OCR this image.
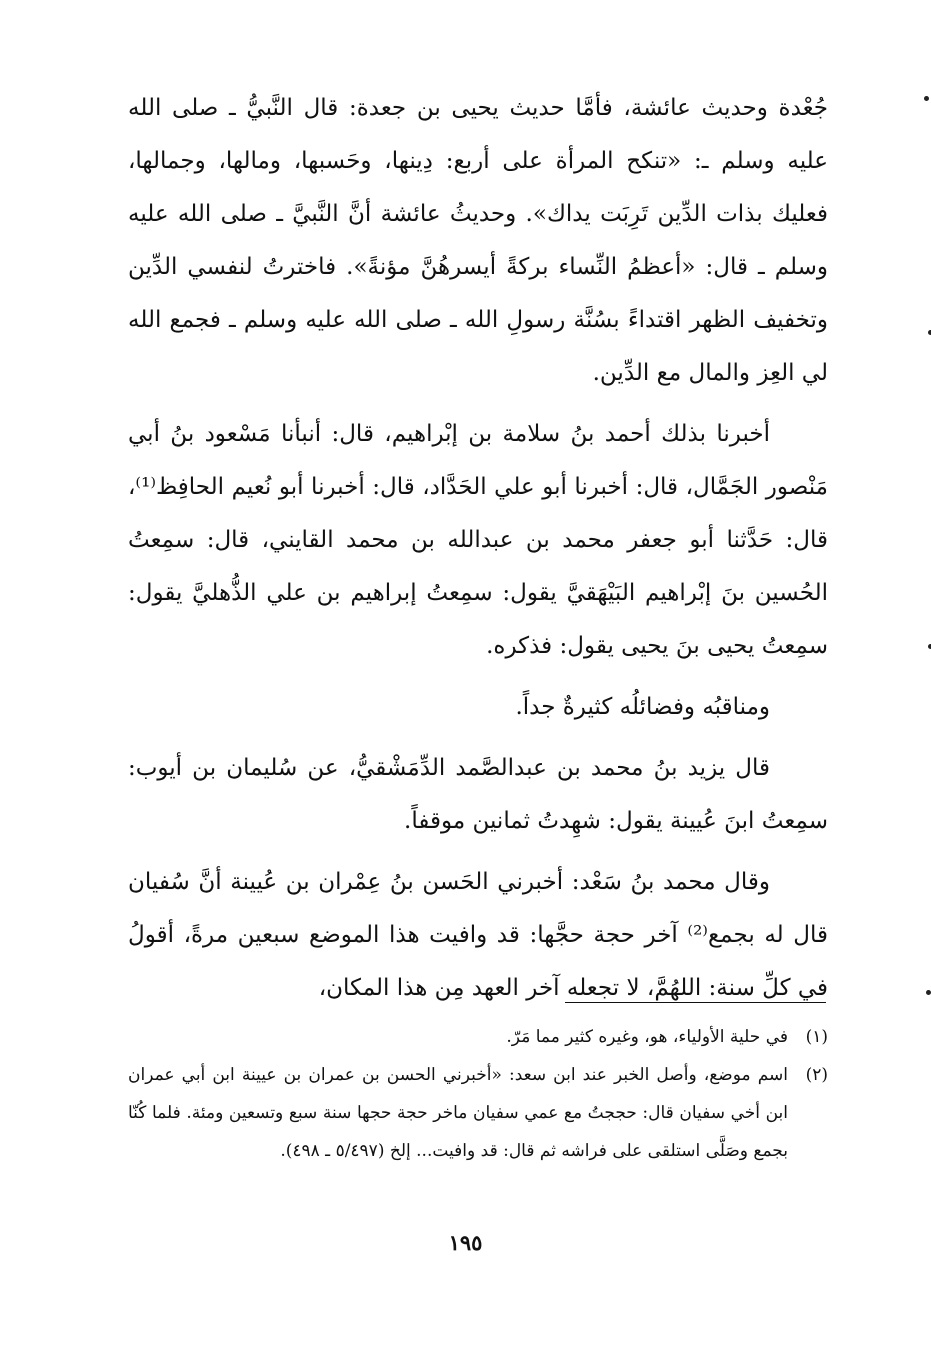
جُعْدة وحديث عائشة، فأمَّا حديث يحيى بن جعدة: قال النَّبيُّ ـ صلى الله عليه وسلم ـ: «تنكح المرأة على أربع: دِينها، وحَسبها، ومالها، وجمالها، فعليك بذات الدِّين تَرِبَت يداك». وحديثُ عائشة أنَّ النَّبيَّ ـ صلى الله عليه وسلم ـ قال: «أعظمُ النِّساء بركةً أيسرهُنَّ مؤنةً». فاخترتُ لنفسي الدِّين وتخفيف الظهر اقتداءً بسُنَّة رسولِ الله ـ صلى الله عليه وسلم ـ فجمع الله لي العِز والمال مع الدِّين.

أخبرنا بذلك أحمد بنُ سلامة بن إبْراهيم، قال: أنبأنا مَسْعود بنُ أبي مَنْصور الجَمَّال، قال: أخبرنا أبو علي الحَدَّاد، قال: أخبرنا أبو نُعيم الحافِظ⁽¹⁾، قال: حَدَّثنا أبو جعفر محمد بن عبدالله بن محمد القايني، قال: سمِعتُ الحُسين بنَ إبْراهيم البَيْهَقيَّ يقول: سمِعتُ إبراهيم بن علي الذُّهليَّ يقول: سمِعتُ يحيى بنَ يحيى يقول: فذكره.

ومناقبُه وفضائلُه كثيرةٌ جداً.

قال يزيد بنُ محمد بن عبدالصَّمد الدِّمَشْقيُّ، عن سُليمان بن أيوب: سمِعتُ ابنَ عُيينة يقول: شهِدتُ ثمانين موقفاً.

وقال محمد بنُ سَعْد: أخبرني الحَسن بنُ عِمْران بن عُيينة أنَّ سُفيان قال له بجمع⁽²⁾ آخر حجة حجَّها: قد وافيت هذا الموضع سبعين مرةً، أقولُ في كلِّ سنة: اللهُمَّ، لا تجعله آخر العهد مِن هذا المكان،

(١)
في حلية الأولياء، هو، وغيره كثير مما مَرّ.
(٢)
اسم موضع، وأصل الخبر عند ابن سعد: «أخبرني الحسن بن عمران بن عيينة ابن أبي عمران ابن أخي سفيان قال: حججتُ مع عمي سفيان ماخر حجة حجها سنة سبع وتسعين ومئة. فلما كُنّا بجمع وصَلَّى استلقى على فراشه ثم قال: قد وافيت... إلخ (٥/٤٩٧ ـ ٤٩٨).
١٩٥
